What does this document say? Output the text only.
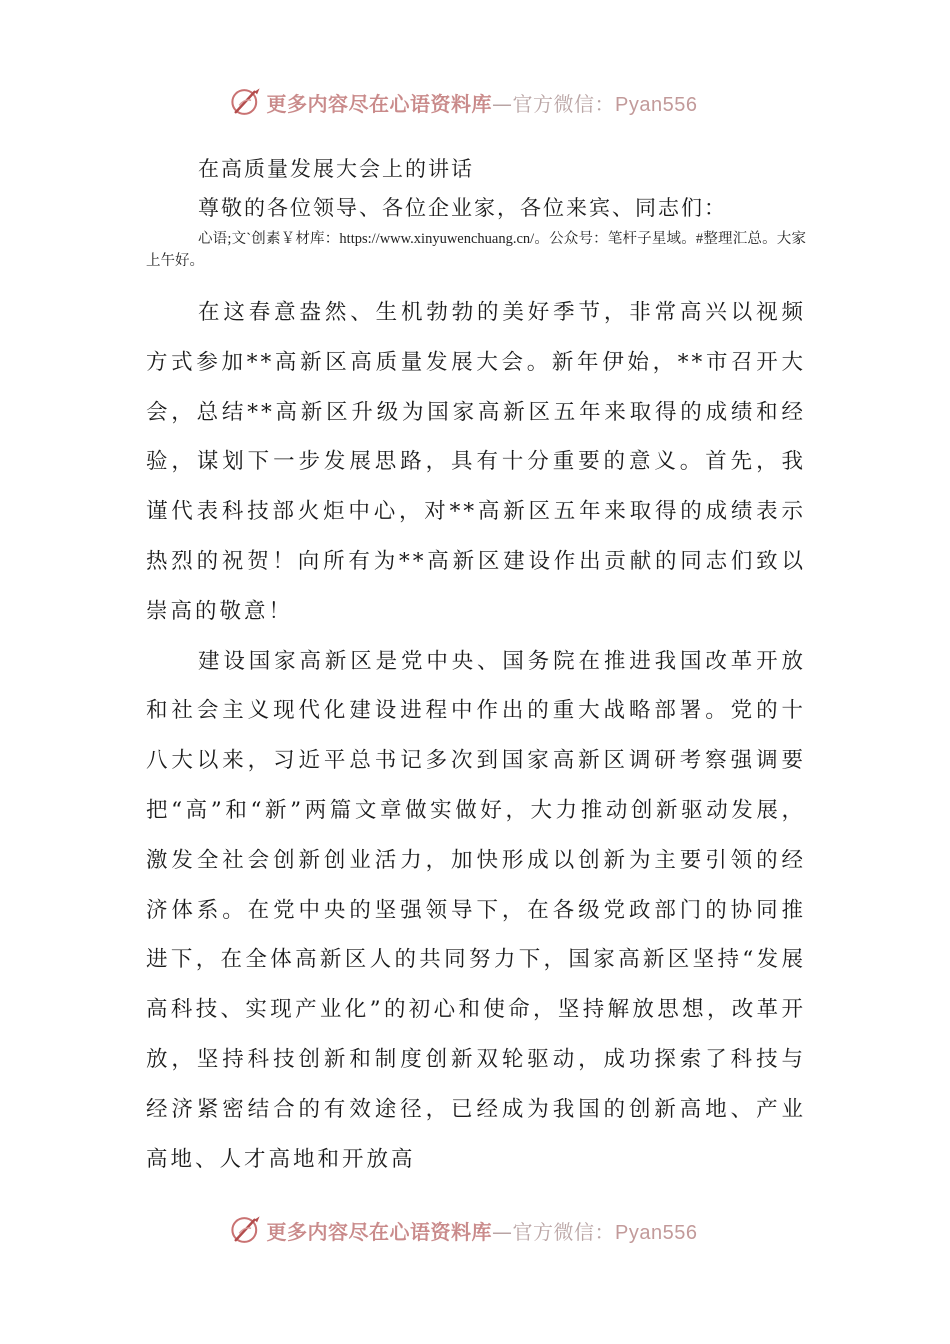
更多内容尽在心语资料库—官方微信：Pyan556
在高质量发展大会上的讲话

尊敬的各位领导、各位企业家，各位来宾、同志们：

心语;文`创素￥材库：https://www.xinyuwenchuang.cn/。公众号：笔杆子星域。#整理汇总。大家上午好。

在这春意盎然、生机勃勃的美好季节，非常高兴以视频方式参加**高新区高质量发展大会。新年伊始，**市召开大会，总结**高新区升级为国家高新区五年来取得的成绩和经验，谋划下一步发展思路，具有十分重要的意义。首先，我谨代表科技部火炬中心，对**高新区五年来取得的成绩表示热烈的祝贺！向所有为**高新区建设作出贡献的同志们致以崇高的敬意！

建设国家高新区是党中央、国务院在推进我国改革开放和社会主义现代化建设进程中作出的重大战略部署。党的十八大以来，习近平总书记多次到国家高新区调研考察强调要把“高”和“新”两篇文章做实做好，大力推动创新驱动发展，激发全社会创新创业活力，加快形成以创新为主要引领的经济体系。在党中央的坚强领导下，在各级党政部门的协同推进下，在全体高新区人的共同努力下，国家高新区坚持“发展高科技、实现产业化”的初心和使命，坚持解放思想，改革开放，坚持科技创新和制度创新双轮驱动，成功探索了科技与经济紧密结合的有效途径，已经成为我国的创新高地、产业高地、人才高地和开放高

更多内容尽在心语资料库—官方微信：Pyan556
